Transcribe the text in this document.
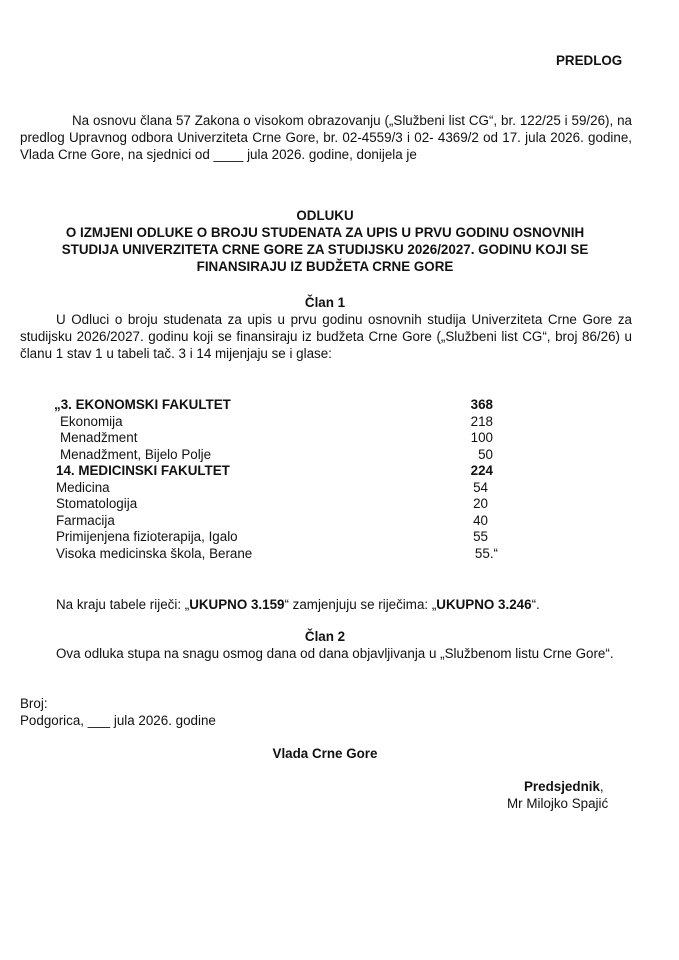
PREDLOG
Na osnovu člana 57 Zakona o visokom obrazovanju („Službeni list CG“, br. 122/25 i 59/26), na predlog Upravnog odbora Univerziteta Crne Gore, br. 02-4559/3 i 02- 4369/2 od 17. jula 2026. godine, Vlada Crne Gore, na sjednici od ____ jula 2026. godine, donijela je
ODLUKU
O IZMJENI ODLUKE O BROJU STUDENATA ZA UPIS U PRVU GODINU OSNOVNIH
STUDIJA UNIVERZITETA CRNE GORE ZA STUDIJSKU 2026/2027. GODINU KOJI SE
FINANSIRAJU IZ BUDŽETA CRNE GORE
Član 1
U Odluci o broju studenata za upis u prvu godinu osnovnih studija Univerziteta Crne Gore za studijsku 2026/2027. godinu koji se finansiraju iz budžeta Crne Gore („Službeni list CG“, broj 86/26) u članu 1 stav 1 u tabeli tač. 3 i 14 mijenjaju se i glase:
„3. EKONOMSKI FAKULTET	368
Ekonomija	218
Menadžment	100
Menadžment, Bijelo Polje	50
14. MEDICINSKI FAKULTET	224
Medicina	54
Stomatologija	20
Farmacija	40
Primijenjena fizioterapija, Igalo	55
Visoka medicinska škola, Berane	55.“
Na kraju tabele riječi: „UKUPNO 3.159“ zamjenjuju se riječima: „UKUPNO 3.246“.
Član 2
Ova odluka stupa na snagu osmog dana od dana objavljivanja u „Službenom listu Crne Gore“.
Broj:
Podgorica, ___ jula 2026. godine
Vlada Crne Gore
Predsjednik,
Mr Milojko Spajić
